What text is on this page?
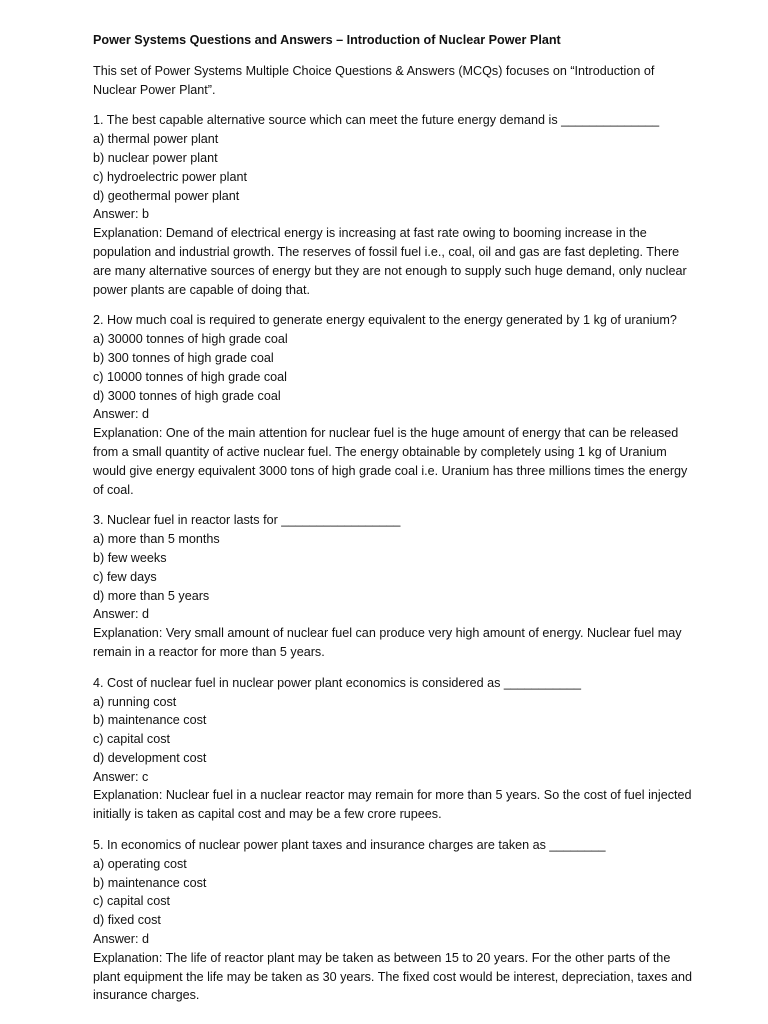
Power Systems Questions and Answers – Introduction of Nuclear Power Plant

This set of Power Systems Multiple Choice Questions & Answers (MCQs) focuses on “Introduction of Nuclear Power Plant”.

1. The best capable alternative source which can meet the future energy demand is ______________

a) thermal power plant

b) nuclear power plant

c) hydroelectric power plant

d) geothermal power plant

Answer: b

Explanation: Demand of electrical energy is increasing at fast rate owing to booming increase in the population and industrial growth. The reserves of fossil fuel i.e., coal, oil and gas are fast depleting. There are many alternative sources of energy but they are not enough to supply such huge demand, only nuclear power plants are capable of doing that.

2. How much coal is required to generate energy equivalent to the energy generated by 1 kg of uranium?

a) 30000 tonnes of high grade coal

b) 300 tonnes of high grade coal

c) 10000 tonnes of high grade coal

d) 3000 tonnes of high grade coal

Answer: d

Explanation: One of the main attention for nuclear fuel is the huge amount of energy that can be released from a small quantity of active nuclear fuel. The energy obtainable by completely using 1 kg of Uranium would give energy equivalent 3000 tons of high grade coal i.e. Uranium has three millions times the energy of coal.

3. Nuclear fuel in reactor lasts for _________________

a) more than 5 months

b) few weeks

c) few days

d) more than 5 years

Answer: d

Explanation: Very small amount of nuclear fuel can produce very high amount of energy. Nuclear fuel may remain in a reactor for more than 5 years.

4. Cost of nuclear fuel in nuclear power plant economics is considered as ___________

a) running cost

b) maintenance cost

c) capital cost

d) development cost

Answer: c

Explanation: Nuclear fuel in a nuclear reactor may remain for more than 5 years. So the cost of fuel injected initially is taken as capital cost and may be a few crore rupees.

5. In economics of nuclear power plant taxes and insurance charges are taken as ________

a) operating cost

b) maintenance cost

c) capital cost

d) fixed cost

Answer: d

Explanation: The life of reactor plant may be taken as between 15 to 20 years. For the other parts of the plant equipment the life may be taken as 30 years. The fixed cost would be interest, depreciation, taxes and insurance charges.
